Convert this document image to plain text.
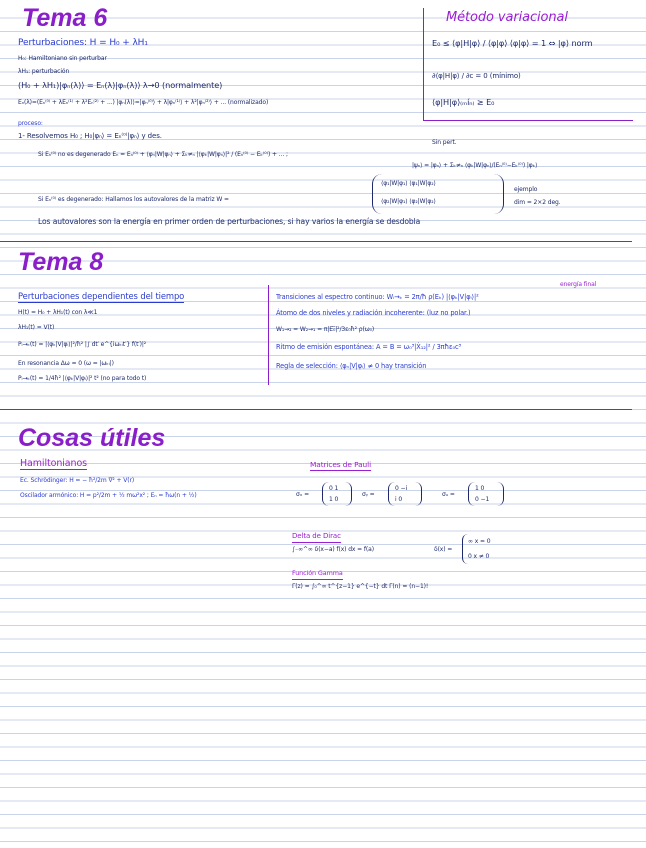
Tema 6	Método variacional
E₀ ≤ ⟨φ|H|φ⟩ / ⟨φ|φ⟩ ⟨φ|φ⟩ = 1 ⇔ |φ⟩ norm
∂⟨φ|H|φ⟩ / ∂c = 0 (mínimo)
⟨φ|H|φ⟩₍ₘíₙ₎ ≥ E₀
Perturbaciones: H = H₀ + λH₁
H₀: Hamiltoniano sin perturbar
λH₁: perturbación
(H₀ + λH₁)|φₙ(λ)⟩ = Eₙ(λ)|φₙ(λ)⟩ λ→0 (normalmente)
Eₙ(λ)=(Eₙ⁽⁰⁾ + λEₙ⁽¹⁾ + λ²Eₙ⁽²⁾ + ...) |φₙ(λ)⟩=|φₙ⁽⁰⁾⟩ + λ|φₙ⁽¹⁾⟩ + λ²|φₙ⁽²⁾⟩ + ... (normalizado)
proceso:
1- Resolvemos H₀ ; H₀|φₙ⟩ = Eₙ⁽⁰⁾|φₙ⟩ y des.
Sin pert.
Si Eₙ⁽⁰⁾ no es degenerado Eₙ = Eₙ⁽⁰⁾ + ⟨φₙ|W|φₙ⟩ + Σₖ≠ₙ |⟨φₖ|W|φₙ⟩|² / (Eₙ⁽⁰⁾ − Eₖ⁽⁰⁾) + ... ;
|ψₙ⟩ = |φₙ⟩ + Σₖ≠ₙ ⟨φₖ|W|φₙ⟩/(Eₙ⁽⁰⁾−Eₖ⁽⁰⁾) |φₖ⟩
Si Eₙ⁽⁰⁾ es degenerado: Hallamos los autovalores de la matriz W =
⟨φ₁|W|φ₁⟩ ⟨φ₁|W|φ₂⟩
⟨φ₂|W|φ₁⟩ ⟨φ₂|W|φ₂⟩
ejemplo
dim = 2×2 deg.
Los autovalores son la energía en primer orden de perturbaciones, si hay varios la energía se desdobla
Tema 8
Perturbaciones dependientes del tiempo
H(t) = H₀ + λH₁(t) con λ≪1
λH₁(t) = V(t)
Pᵢ→ₖ(t) ≃ |⟨φₖ|V|φᵢ⟩|²/ħ² |∫ dt′ e^{iωₖᵢt′} f(t′)|²
En resonancia Δω ≃ 0 (ω = |ωₖᵢ|)
Pᵢ→ₖ(t) = 1/4ħ² |⟨φₖ|V|φᵢ⟩|² t² (no para todo t)
energía final
Transiciones al espectro continuo: Wᵢ→ₖ = 2π/ħ ρ(Eₖ) |⟨φₖ|V|φᵢ⟩|²
Átomo de dos niveles y radiación incoherente: (luz no polar.)
W₁→₂ = W₂→₁ = π|E₀̅|²/3ε₀ħ² ρ(ω₀)
Ritmo de emisión espontánea: A = B = ω₀³|Ẋ₁₂|² / 3πħε₀c³
Regla de selección: ⟨φₙ|V|φᵢ⟩ ≠ 0 hay transición
Cosas útiles
Hamiltonianos
Ec. Schrödinger: H = − ħ²/2m ∇² + V(r)
Oscilador armónico: H = p²/2m + ½ mω²x² ; Eₙ = ħω(n + ½)
Matrices de Pauli
σₓ =
0 1
1 0
σᵧ =
0 −i
i 0
σᵤ =
1 0
0 −1
Delta de Dirac
∫₋∞^∞ δ(x−a) f(x) dx = f(a)	δ(x) =
∞ x = 0
0 x ≠ 0
Función Gamma
Γ(z) = ∫₀^∞ t^{z−1} e^{−t} dt Γ(n) = (n−1)!
